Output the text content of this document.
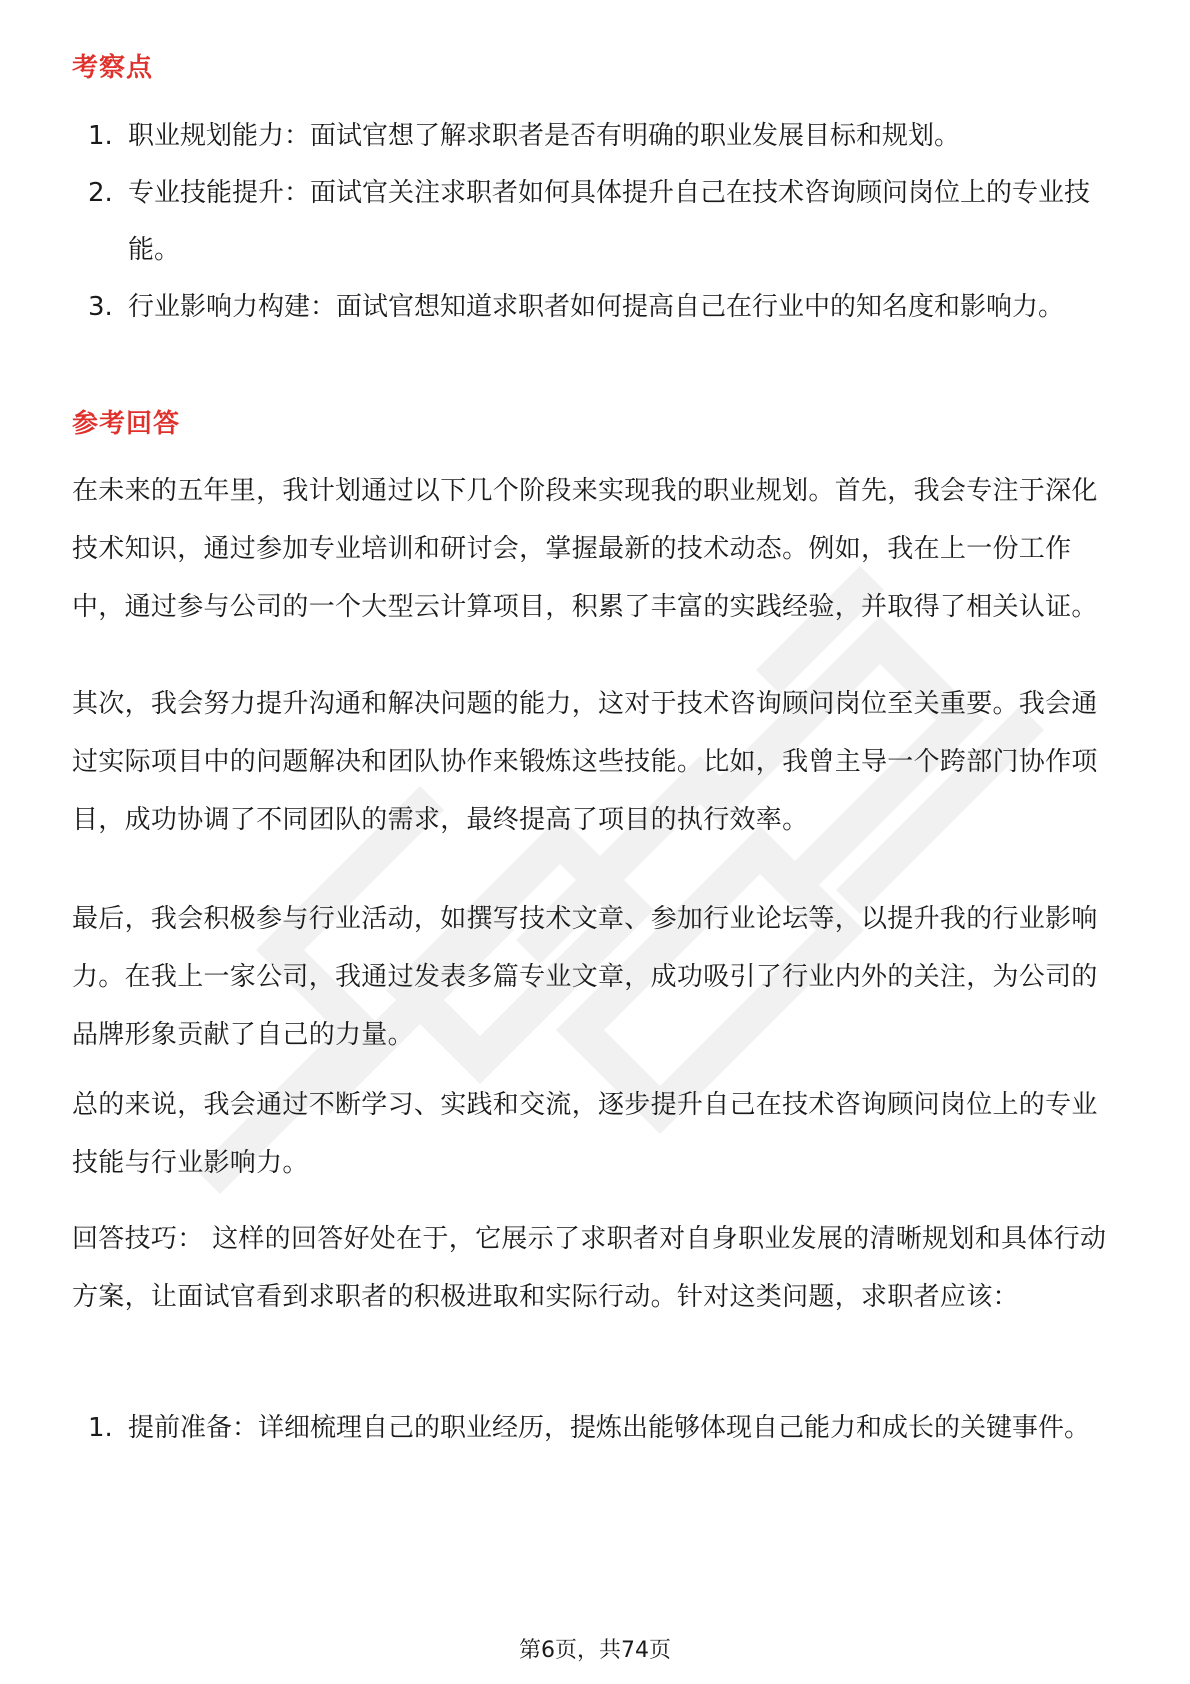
考察点
1. 职业规划能力：面试官想了解求职者是否有明确的职业发展目标和规划。
2. 专业技能提升：面试官关注求职者如何具体提升自己在技术咨询顾问岗位上的专业技能。
3. 行业影响力构建：面试官想知道求职者如何提高自己在行业中的知名度和影响力。
参考回答

在未来的五年里，我计划通过以下几个阶段来实现我的职业规划。首先，我会专注于深化技术知识，通过参加专业培训和研讨会，掌握最新的技术动态。例如，我在上一份工作中，通过参与公司的一个大型云计算项目，积累了丰富的实践经验，并取得了相关认证。

其次，我会努力提升沟通和解决问题的能力，这对于技术咨询顾问岗位至关重要。我会通过实际项目中的问题解决和团队协作来锻炼这些技能。比如，我曾主导一个跨部门协作项目，成功协调了不同团队的需求，最终提高了项目的执行效率。

最后，我会积极参与行业活动，如撰写技术文章、参加行业论坛等，以提升我的行业影响力。在我上一家公司，我通过发表多篇专业文章，成功吸引了行业内外的关注，为公司的品牌形象贡献了自己的力量。

总的来说，我会通过不断学习、实践和交流，逐步提升自己在技术咨询顾问岗位上的专业技能与行业影响力。

回答技巧： 这样的回答好处在于，它展示了求职者对自身职业发展的清晰规划和具体行动方案，让面试官看到求职者的积极进取和实际行动。针对这类问题，求职者应该：

1. 提前准备：详细梳理自己的职业经历，提炼出能够体现自己能力和成长的关键事件。
第6页，共74页
